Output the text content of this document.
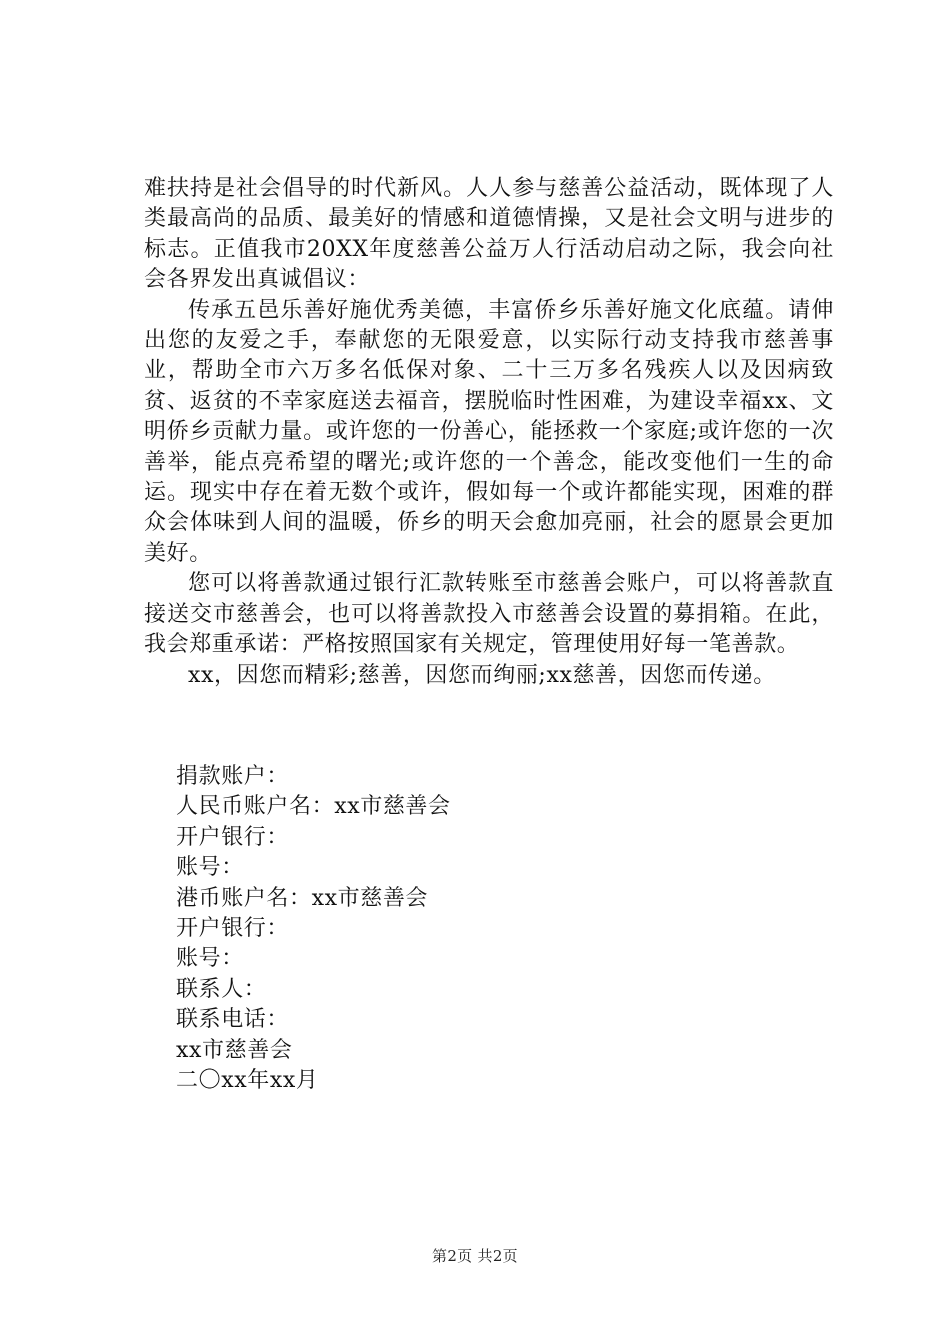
难扶持是社会倡导的时代新风。人人参与慈善公益活动，既体现了人类最高尚的品质、最美好的情感和道德情操，又是社会文明与进步的标志。正值我市20XX年度慈善公益万人行活动启动之际，我会向社会各界发出真诚倡议：

传承五邑乐善好施优秀美德，丰富侨乡乐善好施文化底蕴。请伸出您的友爱之手，奉献您的无限爱意，以实际行动支持我市慈善事业，帮助全市六万多名低保对象、二十三万多名残疾人以及因病致贫、返贫的不幸家庭送去福音，摆脱临时性困难，为建设幸福xx、文明侨乡贡献力量。或许您的一份善心，能拯救一个家庭;或许您的一次善举，能点亮希望的曙光;或许您的一个善念，能改变他们一生的命运。现实中存在着无数个或许，假如每一个或许都能实现，困难的群众会体味到人间的温暖，侨乡的明天会愈加亮丽，社会的愿景会更加美好。

您可以将善款通过银行汇款转账至市慈善会账户，可以将善款直接送交市慈善会，也可以将善款投入市慈善会设置的募捐箱。在此，我会郑重承诺：严格按照国家有关规定，管理使用好每一笔善款。

xx，因您而精彩;慈善，因您而绚丽;xx慈善，因您而传递。

捐款账户：
人民币账户名：xx市慈善会
开户银行：
账号：
港币账户名：xx市慈善会
开户银行：
账号：
联系人：
联系电话：
xx市慈善会
二〇xx年xx月
第2页 共2页
